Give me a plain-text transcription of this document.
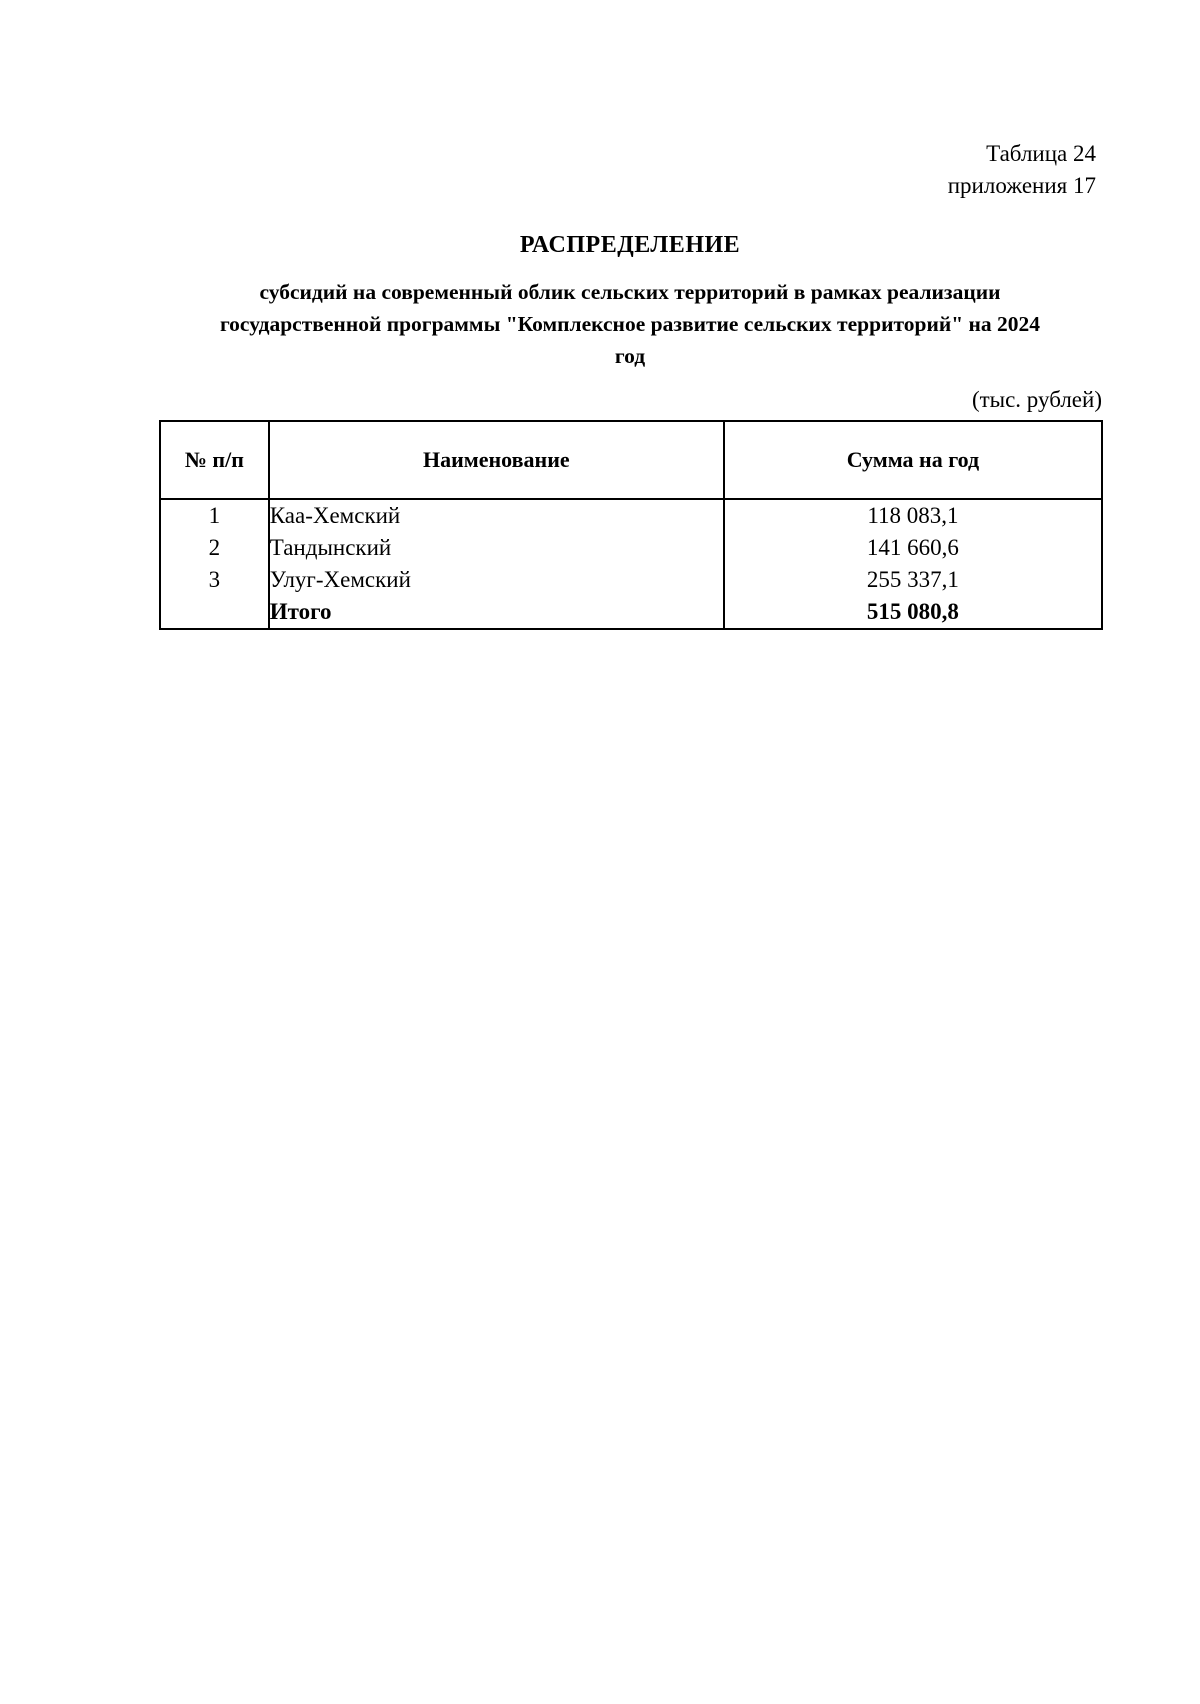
Таблица 24
приложения 17
РАСПРЕДЕЛЕНИЕ
субсидий на современный облик сельских территорий в рамках реализации
государственной программы "Комплексное развитие сельских территорий" на 2024
год
(тыс. рублей)
№ п/п	Наименование	Сумма на год
1	Каа-Хемский	118 083,1
2	Тандынский	141 660,6
3	Улуг-Хемский	255 337,1
	Итого	515 080,8
